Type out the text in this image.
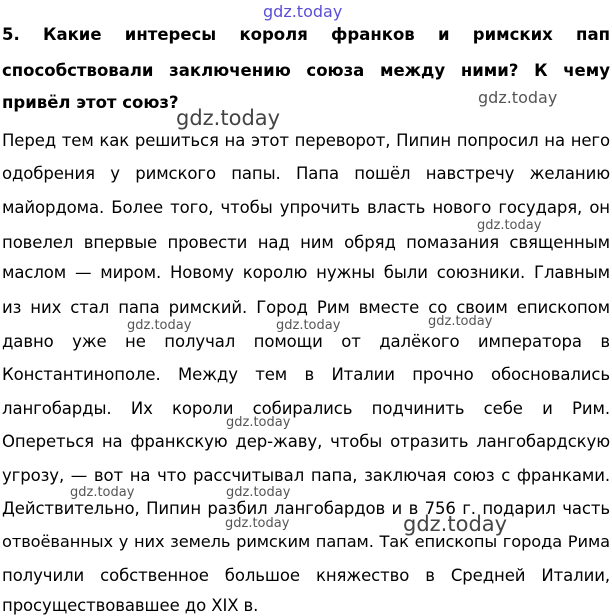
5. Какие интересы короля франков и римских пап
способствовали заключению союза между ними? К чему
привёл этот союз?
Перед тем как решиться на этот переворот, Пипин попросил на него
одобрения у римского папы. Папа пошёл навстречу желанию
майордома. Более того, чтобы упрочить власть нового государя, он
повелел впервые провести над ним обряд помазания священным
маслом — миром. Новому королю нужны были союзники. Главным
из них стал папа римский. Город Рим вместе со своим епископом
давно уже не получал помощи от далёкого императора в
Константинополе. Между тем в Италии прочно обосновались
лангобарды. Их короли собирались подчинить себе и Рим.
Опереться на франкскую дер-жаву, чтобы отразить лангобардскую
угрозу, — вот на что рассчитывал папа, заключая союз с франками.
Действительно, Пипин разбил лангобардов и в 756 г. подарил часть
отвоёванных у них земель римским папам. Так епископы города Рима
получили собственное большое княжество в Средней Италии,
просуществовавшее до XIX в.
gdz.today
gdz.today
gdz.today
gdz.today
gdz.today	gdz.today	gdz.today
gdz.today
gdz.today
gdz.today
gdz.today
gdz.today
